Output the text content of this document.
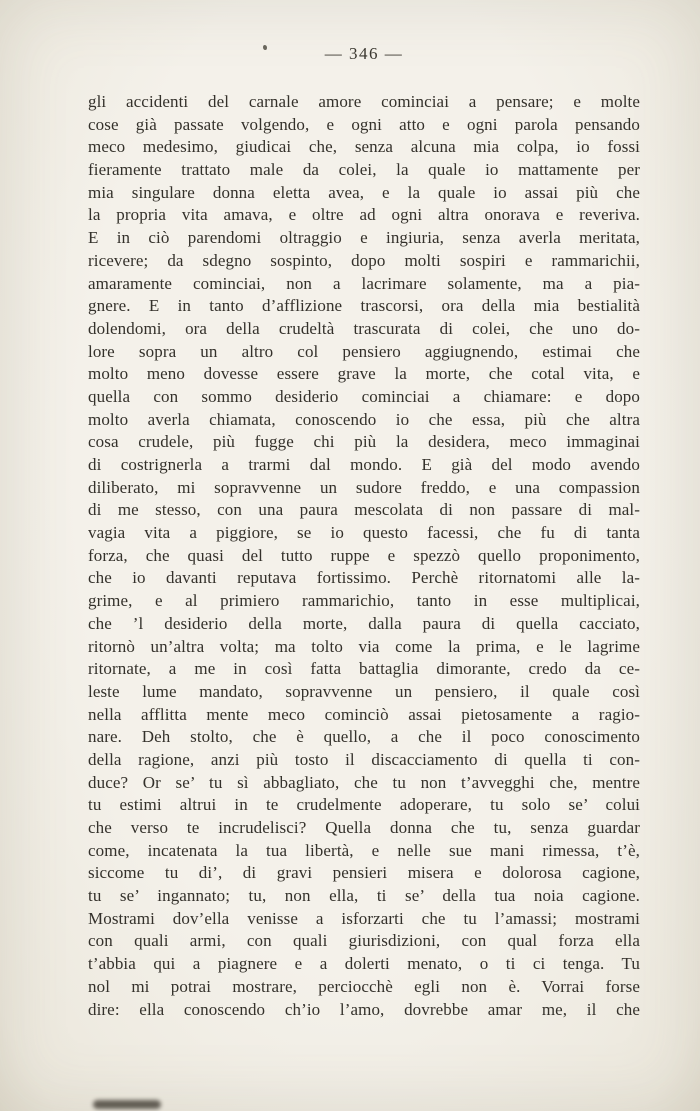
— 346 —
gli accidenti del carnale amore cominciai a pensare; e molte
cose già passate volgendo, e ogni atto e ogni parola pensando
meco medesimo, giudicai che, senza alcuna mia colpa, io fossi
fieramente trattato male da colei, la quale io mattamente per
mia singulare donna eletta avea, e la quale io assai più che
la propria vita amava, e oltre ad ogni altra onorava e reveriva.
E in ciò parendomi oltraggio e ingiuria, senza averla meritata,
ricevere; da sdegno sospinto, dopo molti sospiri e rammarichii,
amaramente cominciai, non a lacrimare solamente, ma a pia-
gnere. E in tanto d’afflizione trascorsi, ora della mia bestialità
dolendomi, ora della crudeltà trascurata di colei, che uno do-
lore sopra un altro col pensiero aggiugnendo, estimai che
molto meno dovesse essere grave la morte, che cotal vita, e
quella con sommo desiderio cominciai a chiamare: e dopo
molto averla chiamata, conoscendo io che essa, più che altra
cosa crudele, più fugge chi più la desidera, meco immaginai
di costrignerla a trarmi dal mondo. E già del modo avendo
diliberato, mi sopravvenne un sudore freddo, e una compassion
di me stesso, con una paura mescolata di non passare di mal-
vagia vita a piggiore, se io questo facessi, che fu di tanta
forza, che quasi del tutto ruppe e spezzò quello proponimento,
che io davanti reputava fortissimo. Perchè ritornatomi alle la-
grime, e al primiero rammarichio, tanto in esse multiplicai,
che ’l desiderio della morte, dalla paura di quella cacciato,
ritornò un’altra volta; ma tolto via come la prima, e le lagrime
ritornate, a me in così fatta battaglia dimorante, credo da ce-
leste lume mandato, sopravvenne un pensiero, il quale così
nella afflitta mente meco cominciò assai pietosamente a ragio-
nare. Deh stolto, che è quello, a che il poco conoscimento
della ragione, anzi più tosto il discacciamento di quella ti con-
duce? Or se’ tu sì abbagliato, che tu non t’avvegghi che, mentre
tu estimi altrui in te crudelmente adoperare, tu solo se’ colui
che verso te incrudelisci? Quella donna che tu, senza guardar
come, incatenata la tua libertà, e nelle sue mani rimessa, t’è,
siccome tu di’, di gravi pensieri misera e dolorosa cagione,
tu se’ ingannato; tu, non ella, ti se’ della tua noia cagione.
Mostrami dov’ella venisse a isforzarti che tu l’amassi; mostrami
con quali armi, con quali giurisdizioni, con qual forza ella
t’abbia qui a piagnere e a dolerti menato, o ti ci tenga. Tu
nol mi potrai mostrare, perciocchè egli non è. Vorrai forse
dire: ella conoscendo ch’io l’amo, dovrebbe amar me, il che
